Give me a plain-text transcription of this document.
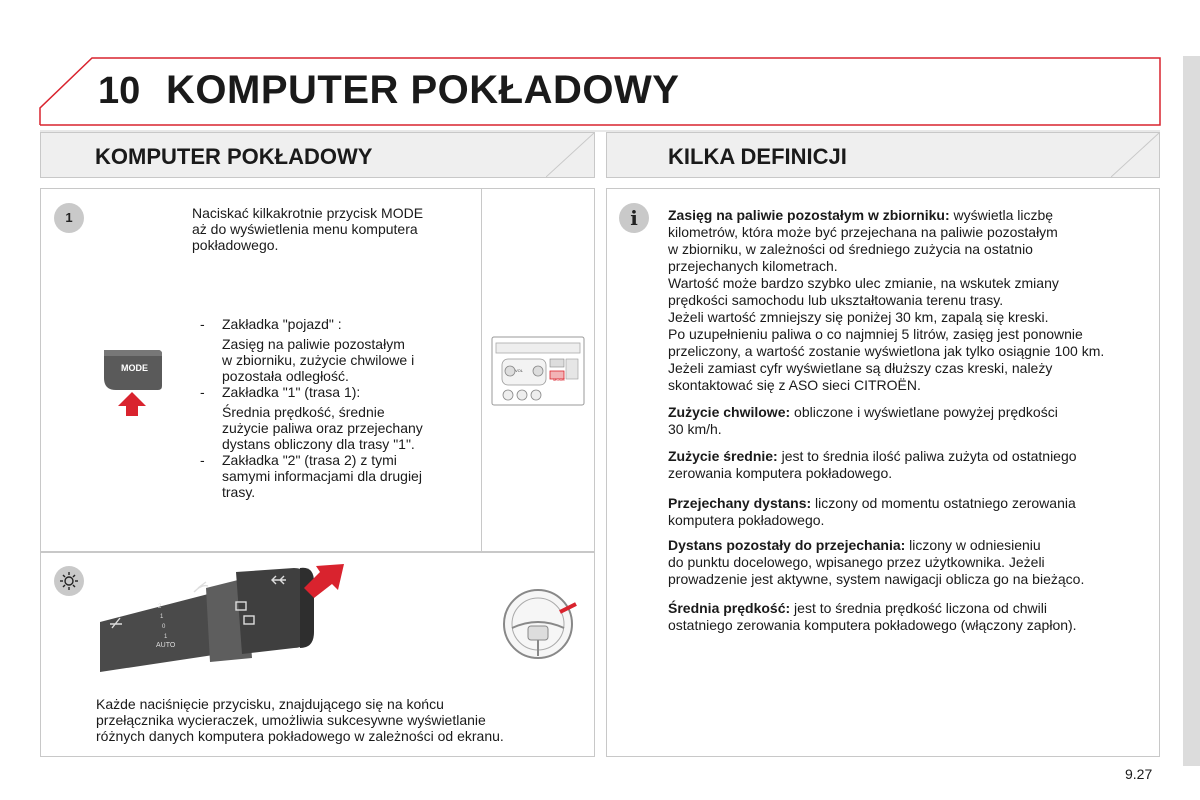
10 KOMPUTER POKŁADOWY
KOMPUTER POKŁADOWY	KILKA DEFINICJI
1	Naciskać kilkakrotnie przycisk MODE
aż do wyświetlenia menu komputera
pokładowego.
MODE
- Zakładka "pojazd" :
Zasięg na paliwie pozostałym
w zbiorniku, zużycie chwilowe i
pozostała odległość.
- Zakładka "1" (trasa 1):
Średnia prędkość, średnie
zużycie paliwa oraz przejechany
dystans obliczony dla trasy "1".
- Zakładka "2" (trasa 2) z tymi
samymi informacjami dla drugiej
trasy.
VOL
MODE
2
1
0
1
AUTO
Każde naciśnięcie przycisku, znajdującego się na końcu
przełącznika wycieraczek, umożliwia sukcesywne wyświetlanie
różnych danych komputera pokładowego w zależności od ekranu.
i	Zasięg na paliwie pozostałym w zbiorniku: wyświetla liczbę
kilometrów, która może być przejechana na paliwie pozostałym
w zbiorniku, w zależności od średniego zużycia na ostatnio
przejechanych kilometrach.
Wartość może bardzo szybko ulec zmianie, na wskutek zmiany
prędkości samochodu lub ukształtowania terenu trasy.
Jeżeli wartość zmniejszy się poniżej 30 km, zapalą się kreski.
Po uzupełnieniu paliwa o co najmniej 5 litrów, zasięg jest ponownie
przeliczony, a wartość zostanie wyświetlona jak tylko osiągnie 100 km.
Jeżeli zamiast cyfr wyświetlane są dłuższy czas kreski, należy
skontaktować się z ASO sieci CITROËN.
Zużycie chwilowe: obliczone i wyświetlane powyżej prędkości
30 km/h.
Zużycie średnie: jest to średnia ilość paliwa zużyta od ostatniego
zerowania komputera pokładowego.
Przejechany dystans: liczony od momentu ostatniego zerowania
komputera pokładowego.
Dystans pozostały do przejechania: liczony w odniesieniu
do punktu docelowego, wpisanego przez użytkownika. Jeżeli
prowadzenie jest aktywne, system nawigacji oblicza go na bieżąco.
Średnia prędkość: jest to średnia prędkość liczona od chwili
ostatniego zerowania komputera pokładowego (włączony zapłon).
9.27
